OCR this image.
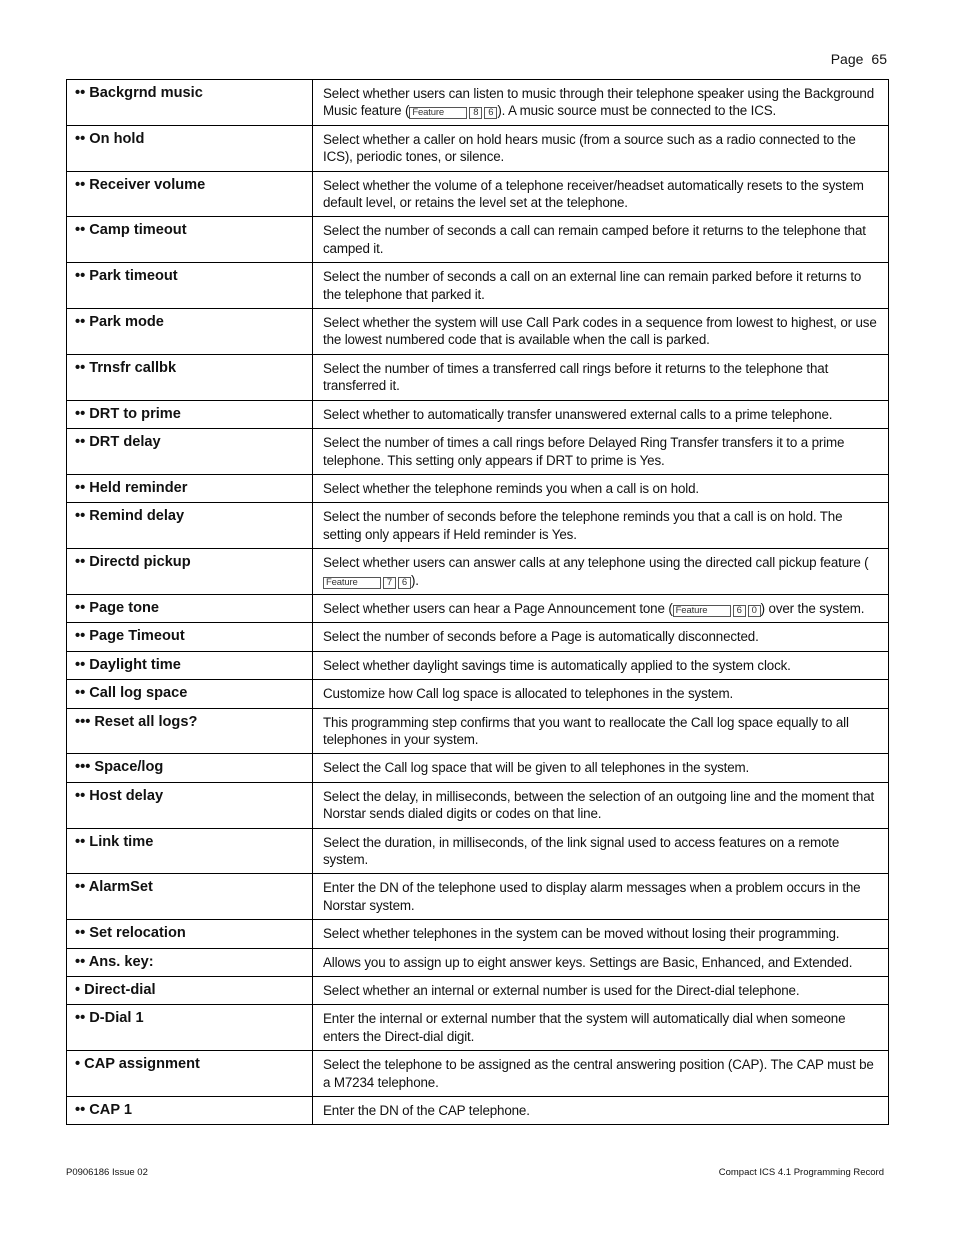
Page 65
•• Backgrnd music	Select whether users can listen to music through their telephone speaker using the Background Music feature ( Feature 8 6 ). A music source must be connected to the ICS.
•• On hold	Select whether a caller on hold hears music (from a source such as a radio connected to the ICS), periodic tones, or silence.
•• Receiver volume	Select whether the volume of a telephone receiver/headset automatically resets to the system default level, or retains the level set at the telephone.
•• Camp timeout	Select the number of seconds a call can remain camped before it returns to the telephone that camped it.
•• Park timeout	Select the number of seconds a call on an external line can remain parked before it returns to the telephone that parked it.
•• Park mode	Select whether the system will use Call Park codes in a sequence from lowest to highest, or use the lowest numbered code that is available when the call is parked.
•• Trnsfr callbk	Select the number of times a transferred call rings before it returns to the telephone that transferred it.
•• DRT to prime	Select whether to automatically transfer unanswered external calls to a prime telephone.
•• DRT delay	Select the number of times a call rings before Delayed Ring Transfer transfers it to a prime telephone. This setting only appears if DRT to prime is Yes.
•• Held reminder	Select whether the telephone reminds you when a call is on hold.
•• Remind delay	Select the number of seconds before the telephone reminds you that a call is on hold. The setting only appears if Held reminder is Yes.
•• Directd pickup	Select whether users can answer calls at any telephone using the directed call pickup feature (Feature 7 6 ).
•• Page tone	Select whether users can hear a Page Announcement tone ( Feature 6 0 ) over the system.
•• Page Timeout	Select the number of seconds before a Page is automatically disconnected.
•• Daylight time	Select whether daylight savings time is automatically applied to the system clock.
•• Call log space	Customize how Call log space is allocated to telephones in the system.
••• Reset all logs?	This programming step confirms that you want to reallocate the Call log space equally to all telephones in your system.
••• Space/log	Select the Call log space that will be given to all telephones in the system.
•• Host delay	Select the delay, in milliseconds, between the selection of an outgoing line and the moment that Norstar sends dialed digits or codes on that line.
•• Link time	Select the duration, in milliseconds, of the link signal used to access features on a remote system.
•• AlarmSet	Enter the DN of the telephone used to display alarm messages when a problem occurs in the Norstar system.
•• Set relocation	Select whether telephones in the system can be moved without losing their programming.
•• Ans. key:	Allows you to assign up to eight answer keys. Settings are Basic, Enhanced, and Extended.
• Direct-dial	Select whether an internal or external number is used for the Direct-dial telephone.
•• D-Dial 1	Enter the internal or external number that the system will automatically dial when someone enters the Direct-dial digit.
• CAP assignment	Select the telephone to be assigned as the central answering position (CAP). The CAP must be a M7234 telephone.
•• CAP 1	Enter the DN of the CAP telephone.
P0906186 Issue 02	Compact ICS 4.1 Programming Record
